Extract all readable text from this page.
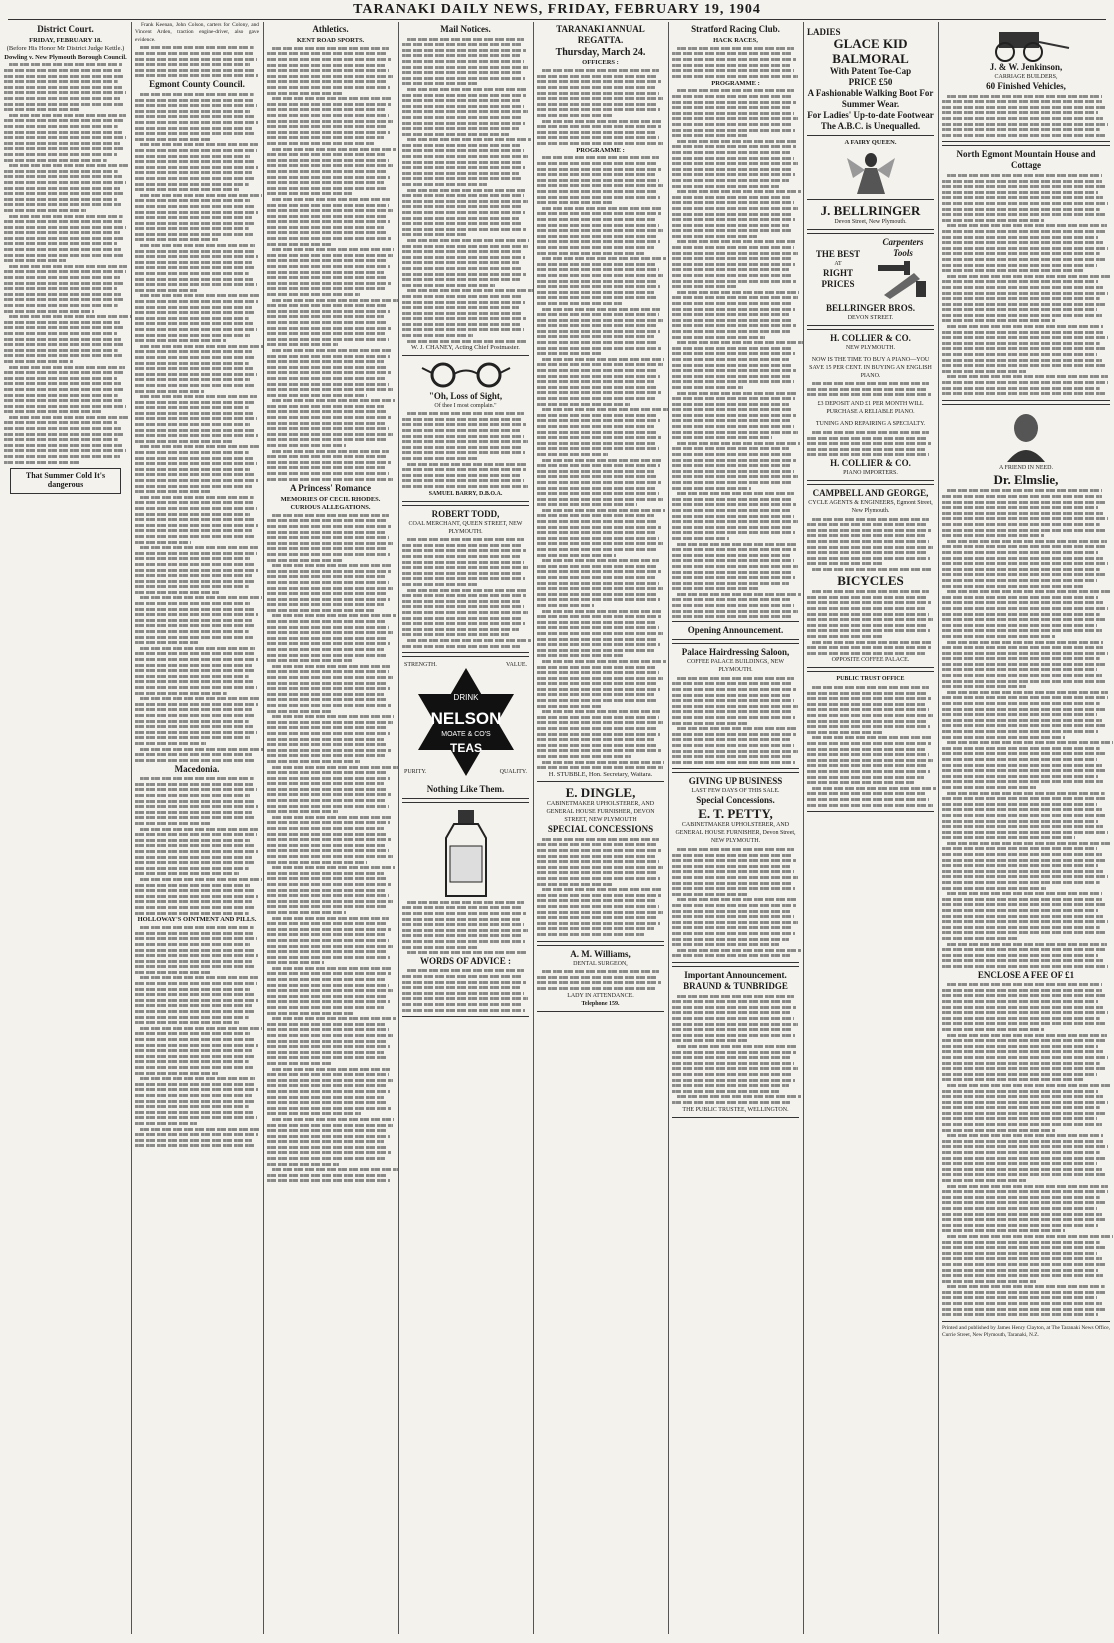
TARANAKI DAILY NEWS, FRIDAY, FEBRUARY 19, 1904
District Court.
FRIDAY, FEBRUARY 18.
(Before His Honor Mr District Judge Kettle.)
Dowling v. New Plymouth Borough Council.
That Summer Cold It's dangerous

Frank Keenan, John Colson, carters for Colony, and Vincent Arden, traction engine-driver, also gave evidence.

Egmont County Council.
Macedonia.
HOLLOWAY'S OINTMENT AND PILLS.
Athletics.
KENT ROAD SPORTS.
A Princess' Romance
MEMORIES OF CECIL RHODES.
CURIOUS ALLEGATIONS.
Mail Notices.
W. J. CHANEY, Acting Chief Postmaster.
"Oh, Loss of Sight,
Of thee I most complain."
SAMUEL BARRY, D.B.O.A.
ROBERT TODD,
COAL MERCHANT, QUEEN STREET, NEW PLYMOUTH.
STRENGTH.	VALUE.
DRINK
NELSON
MOATE & CO'S
TEAS
PURITY.	QUALITY.
Nothing Like Them.
WORDS OF ADVICE :
TARANAKI ANNUAL REGATTA.
Thursday, March 24.
OFFICERS :
PROGRAMME :
H. STUBBLE, Hon. Secretary, Waitara.
E. DINGLE,
CABINETMAKER UPHOLSTERER, AND GENERAL HOUSE FURNISHER, DEVON STREET, NEW PLYMOUTH
SPECIAL CONCESSIONS
A. M. Williams,
DENTAL SURGEON,
LADY IN ATTENDANCE.
Telephone 159.
Stratford Racing Club.
HACK RACES,
PROGRAMME :
Opening Announcement.
Palace Hairdressing Saloon,
COFFEE PALACE BUILDINGS, NEW PLYMOUTH.
GIVING UP BUSINESS
LAST FEW DAYS OF THIS SALE.
Special Concessions.
E. T. PETTY,
CABINETMAKER UPHOLSTERER, AND GENERAL HOUSE FURNISHER, Devon Street, NEW PLYMOUTH.
Important Announcement.
BRAUND & TUNBRIDGE
THE PUBLIC TRUSTEE, WELLINGTON.
LADIES
GLACE KID BALMORAL
With Patent Toe-Cap
PRICE £50
A Fashionable Walking Boot For Summer Wear.
For Ladies' Up-to-date Footwear The A.B.C. is Unequalled.
A FAIRY QUEEN.
J. BELLRINGER
Devon Street, New Plymouth.
THE BEST
AT
RIGHT PRICES
Carpenters Tools
BELLRINGER BROS.
DEVON STREET.
H. COLLIER & CO.
NEW PLYMOUTH.
NOW IS THE TIME TO BUY A PIANO—YOU SAVE 15 PER CENT. IN BUYING AN ENGLISH PIANO.
£3 DEPOSIT AND £1 PER MONTH WILL PURCHASE A RELIABLE PIANO.
TUNING AND REPAIRING A SPECIALTY.
H. COLLIER & CO.
PIANO IMPORTERS.
CAMPBELL AND GEORGE,
CYCLE AGENTS & ENGINEERS, Egmont Street, New Plymouth.
BICYCLES
OPPOSITE COFFEE PALACE.
PUBLIC TRUST OFFICE
J. & W. Jenkinson,
CARRIAGE BUILDERS,
60 Finished Vehicles,
North Egmont Mountain House and Cottage
A FRIEND IN NEED.
Dr. Elmslie,
ENCLOSE A FEE OF £1
Printed and published by James Henry Clayton, at The Taranaki News Office, Currie Street, New Plymouth, Taranaki, N.Z.
